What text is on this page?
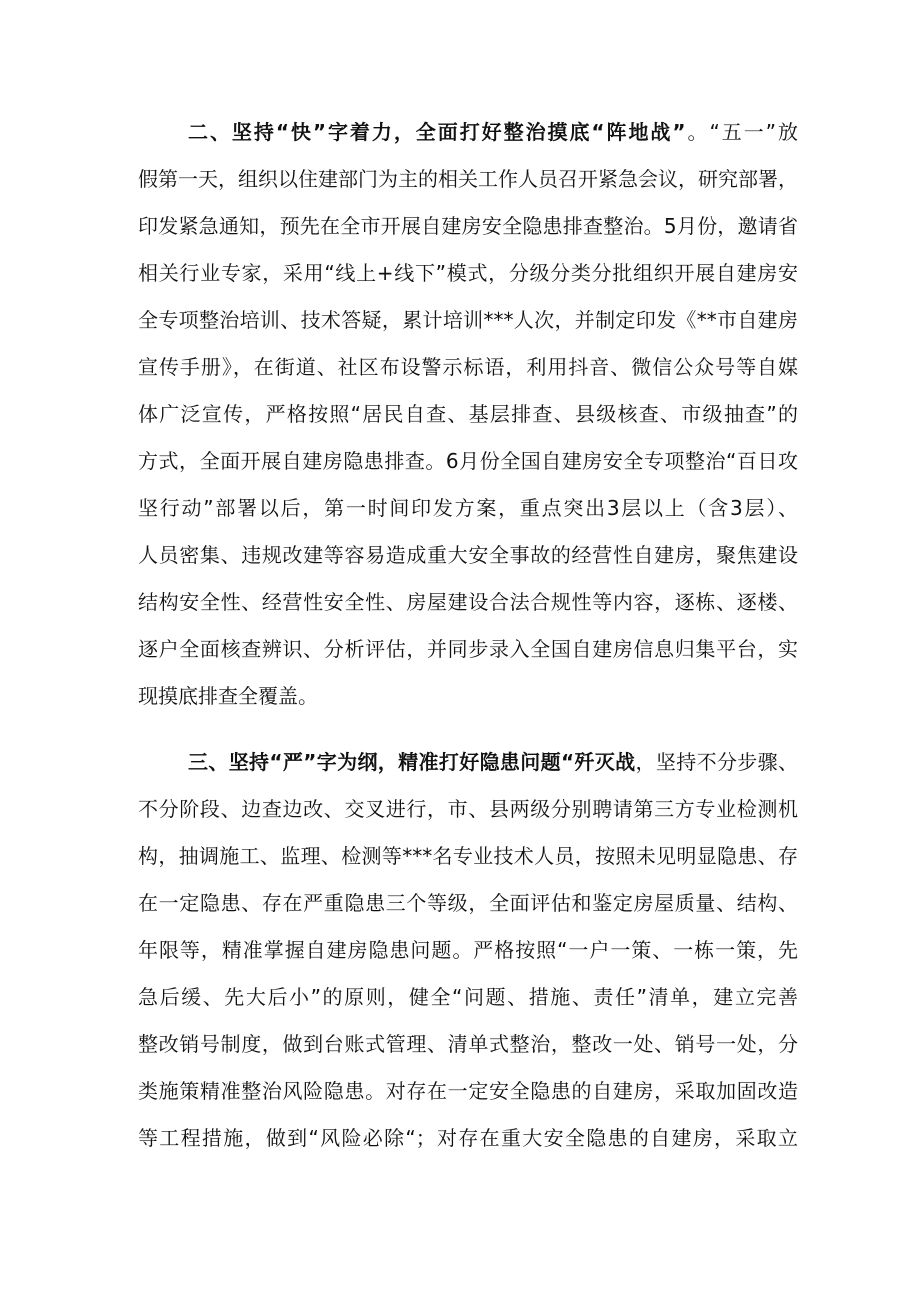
二、坚持“快”字着力，全面打好整治摸底“阵地战”。“五一”放
假第一天，组织以住建部门为主的相关工作人员召开紧急会议，研究部署，
印发紧急通知，预先在全市开展自建房安全隐患排查整治。5月份，邀请省
相关行业专家，采用“线上+线下”模式，分级分类分批组织开展自建房安
全专项整治培训、技术答疑，累计培训***人次，并制定印发《**市自建房
宣传手册》，在街道、社区布设警示标语，利用抖音、微信公众号等自媒
体广泛宣传，严格按照“居民自查、基层排查、县级核查、市级抽查”的
方式，全面开展自建房隐患排查。6月份全国自建房安全专项整治“百日攻
坚行动”部署以后，第一时间印发方案，重点突出3层以上（含3层）、
人员密集、违规改建等容易造成重大安全事故的经营性自建房，聚焦建设
结构安全性、经营性安全性、房屋建设合法合规性等内容，逐栋、逐楼、
逐户全面核查辨识、分析评估，并同步录入全国自建房信息归集平台，实
现摸底排查全覆盖。
三、坚持“严”字为纲，精准打好隐患问题“歼灭战，坚持不分步骤、
不分阶段、边查边改、交叉进行，市、县两级分别聘请第三方专业检测机
构，抽调施工、监理、检测等***名专业技术人员，按照未见明显隐患、存
在一定隐患、存在严重隐患三个等级，全面评估和鉴定房屋质量、结构、
年限等，精准掌握自建房隐患问题。严格按照“一户一策、一栋一策，先
急后缓、先大后小”的原则，健全“问题、措施、责任”清单，建立完善
整改销号制度，做到台账式管理、清单式整治，整改一处、销号一处，分
类施策精准整治风险隐患。对存在一定安全隐患的自建房，采取加固改造
等工程措施，做到“风险必除“；对存在重大安全隐患的自建房，采取立
